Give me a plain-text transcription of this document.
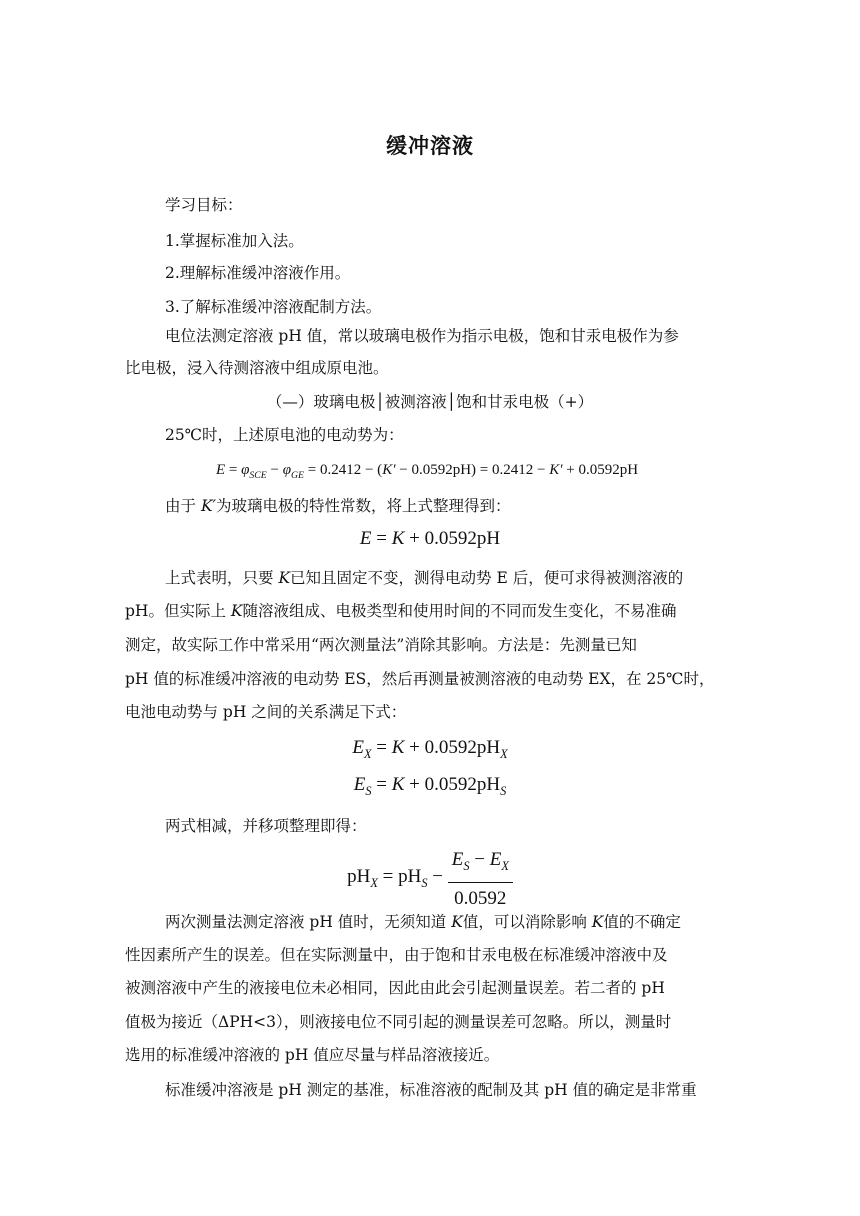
缓冲溶液
学习目标：
1.掌握标准加入法。
2.理解标准缓冲溶液作用。
3.了解标准缓冲溶液配制方法。
电位法测定溶液 pH 值，常以玻璃电极作为指示电极，饱和甘汞电极作为参
比电极，浸入待测溶液中组成原电池。
（—）玻璃电极│被测溶液│饱和甘汞电极（+）
25℃时，上述原电池的电动势为：
$E = \varphi_{SCE} - \varphi_{GE} = 0.2412 - (K' - 0.0592pH) = 0.2412 - K' + 0.0592pH$
由于 K′为玻璃电极的特性常数，将上式整理得到：
E = K + 0.0592pH
上式表明，只要 K已知且固定不变，测得电动势 E 后，便可求得被测溶液的
pH。但实际上 K随溶液组成、电极类型和使用时间的不同而发生变化，不易准确
测定，故实际工作中常采用“两次测量法”消除其影响。方法是：先测量已知
pH 值的标准缓冲溶液的电动势 ES，然后再测量被测溶液的电动势 EX，在 25℃时，
电池电动势与 pH 之间的关系满足下式：
$E_X = K + 0.0592pH_X$
$E_S = K + 0.0592pH_S$
两式相减，并移项整理即得：
$pH_X = pH_S - \frac{E_S - E_X}{0.0592}$
两次测量法测定溶液 pH 值时，无须知道 K值，可以消除影响 K值的不确定
性因素所产生的误差。但在实际测量中，由于饱和甘汞电极在标准缓冲溶液中及
被测溶液中产生的液接电位未必相同，因此由此会引起测量误差。若二者的 pH
值极为接近（ΔPH<3），则液接电位不同引起的测量误差可忽略。所以，测量时
选用的标准缓冲溶液的 pH 值应尽量与样品溶液接近。
标准缓冲溶液是 pH 测定的基准，标准溶液的配制及其 pH 值的确定是非常重
